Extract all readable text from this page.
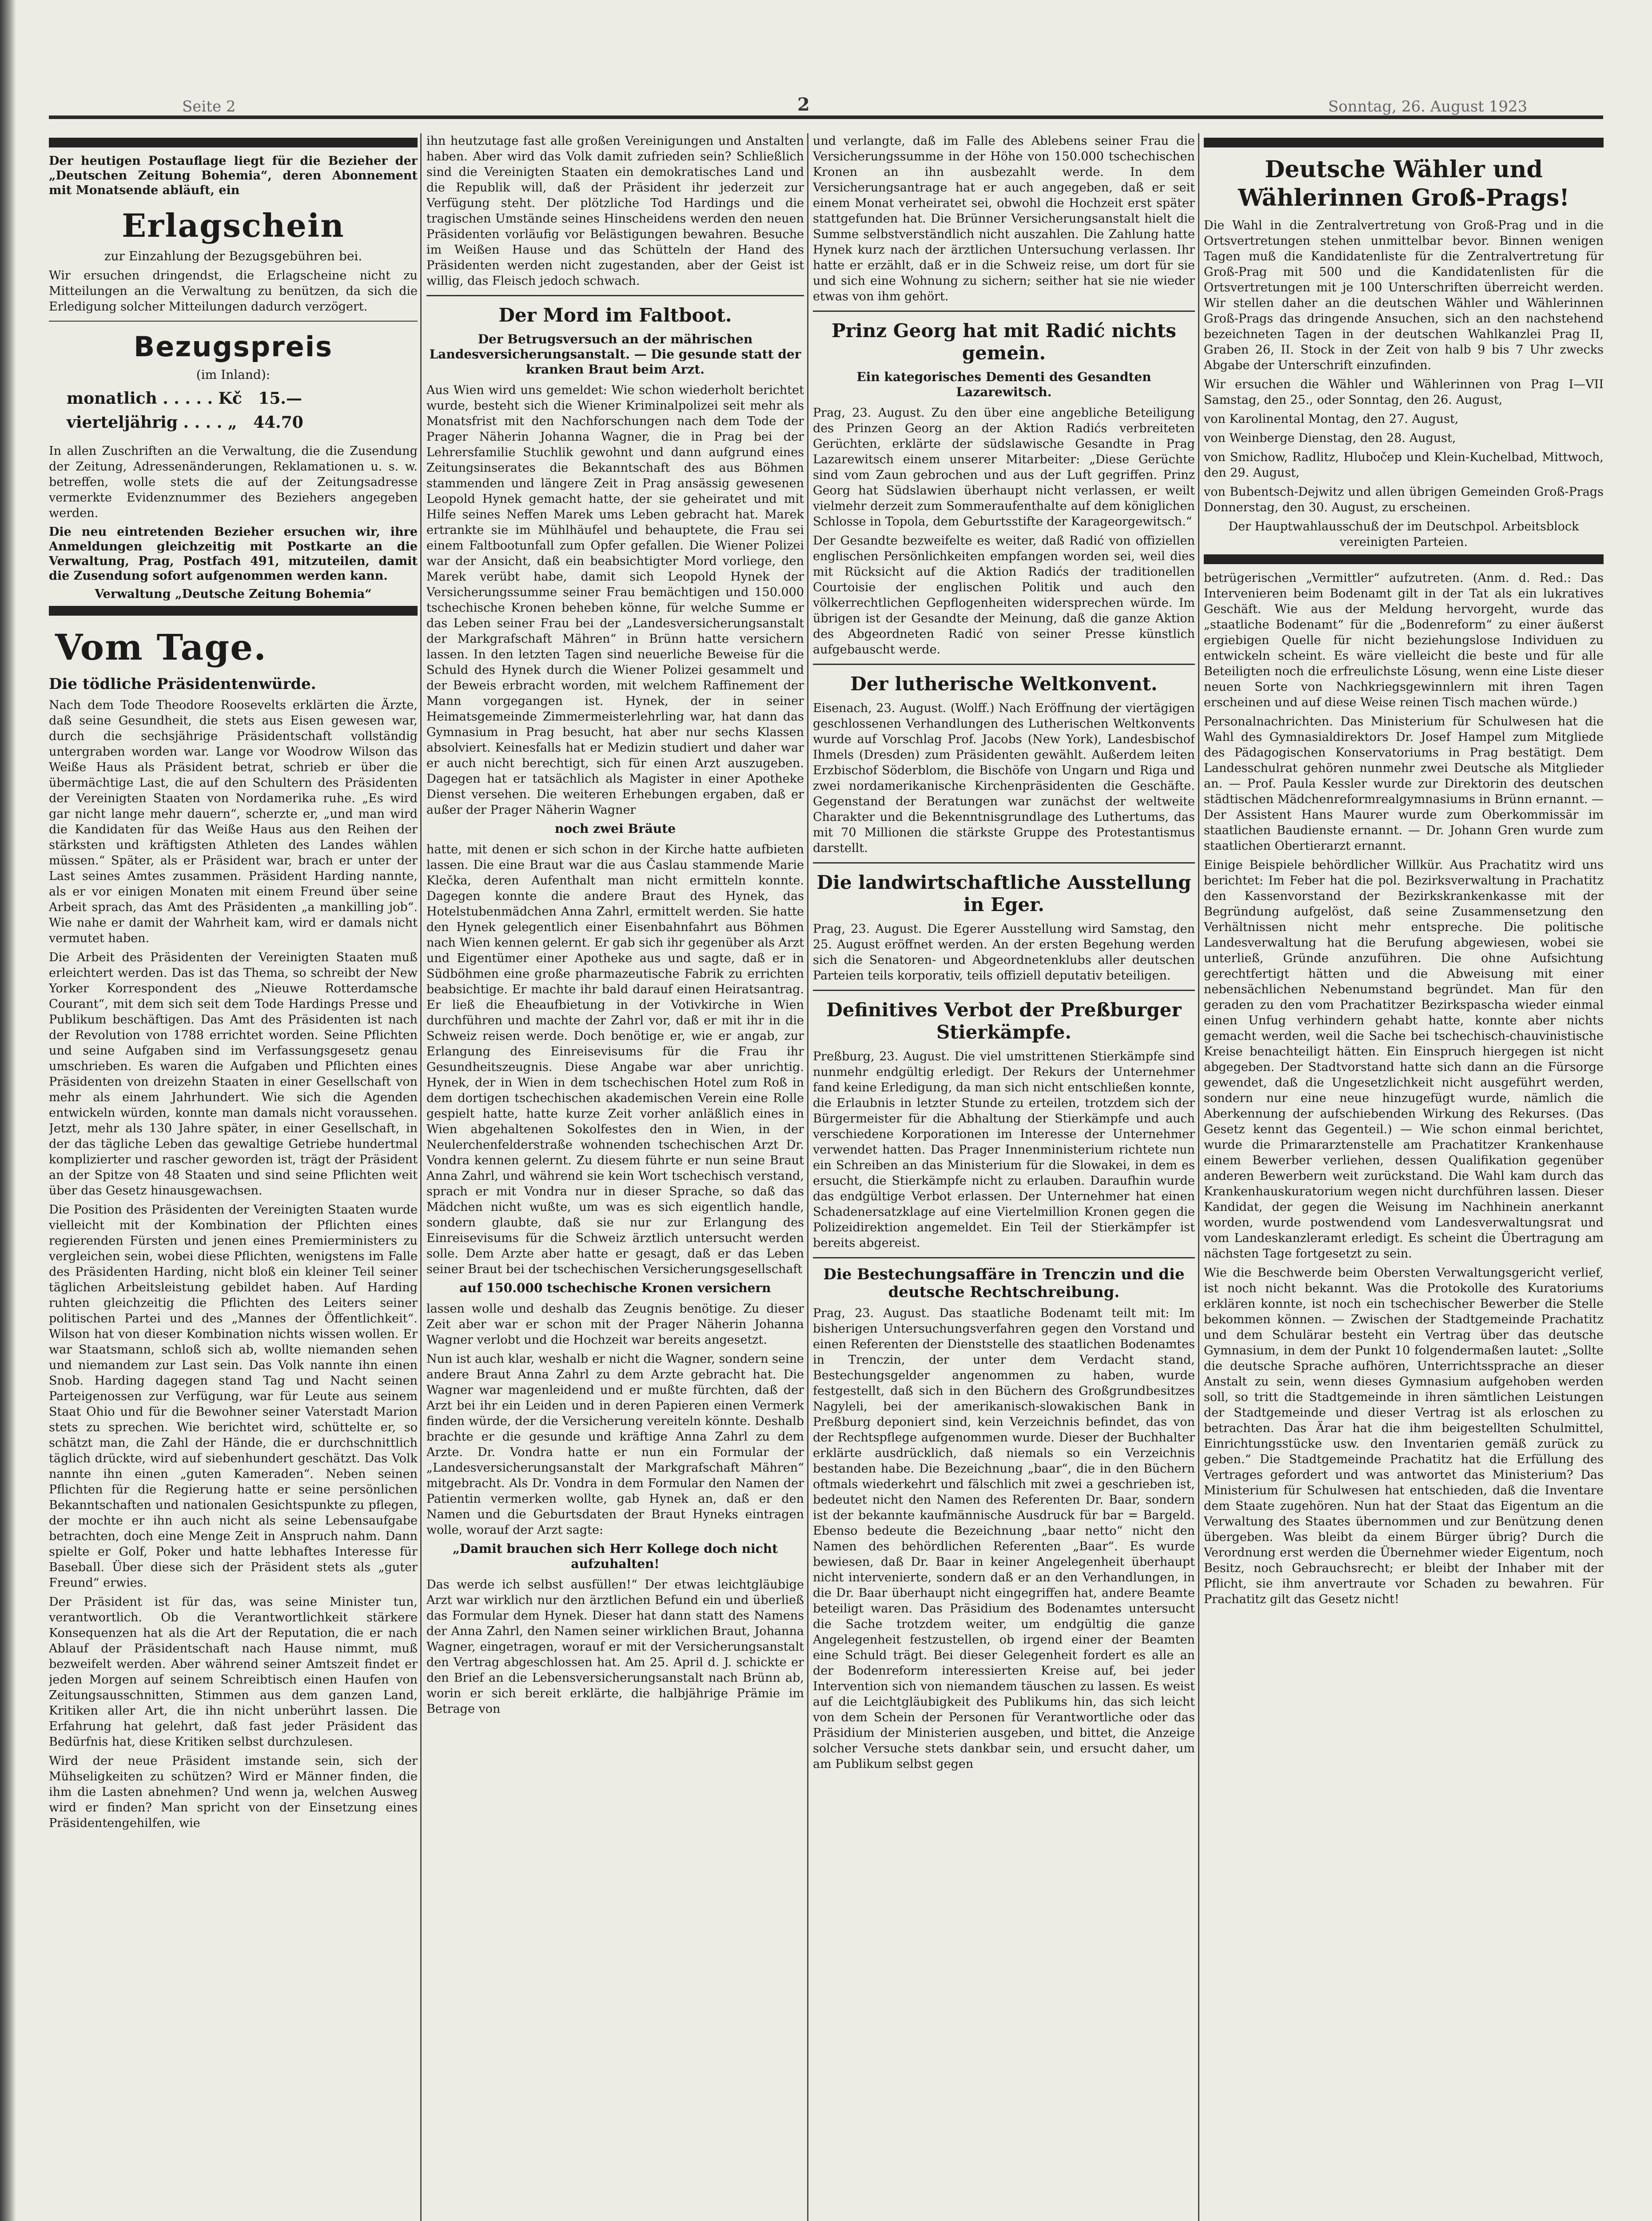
Seite 2	2	Sonntag, 26. August 1923

Der heutigen Postauflage liegt für die Bezieher der „Deutschen Zeitung Bohemia“, deren Abonnement mit Monatsende abläuft, ein

Erlagschein
zur Einzahlung der Bezugsgebühren bei.

Wir ersuchen dringendst, die Erlagscheine nicht zu Mitteilungen an die Verwaltung zu benützen, da sich die Erledigung solcher Mitteilungen dadurch verzögert.

Bezugspreis
(im Inland):
monatlich . . . . . Kč 15.—
vierteljährig . . . . „ 44.70

In allen Zuschriften an die Verwaltung, die die Zusendung der Zeitung, Adressenänderungen, Reklamationen u. s. w. betreffen, wolle stets die auf der Zeitungsadresse vermerkte Evidenznummer des Beziehers angegeben werden.

Die neu eintretenden Bezieher ersuchen wir, ihre Anmeldungen gleichzeitig mit Postkarte an die Verwaltung, Prag, Postfach 491, mitzuteilen, damit die Zusendung sofort aufgenommen werden kann.

Verwaltung „Deutsche Zeitung Bohemia“

Vom Tage.
Die tödliche Präsidentenwürde.

Nach dem Tode Theodore Roosevelts erklärten die Ärzte, daß seine Gesundheit, die stets aus Eisen gewesen war, durch die sechsjährige Präsidentschaft vollständig untergraben worden war. Lange vor Woodrow Wilson das Weiße Haus als Präsident betrat, schrieb er über die übermächtige Last, die auf den Schultern des Präsidenten der Vereinigten Staaten von Nordamerika ruhe. „Es wird gar nicht lange mehr dauern“, scherzte er, „und man wird die Kandidaten für das Weiße Haus aus den Reihen der stärksten und kräftigsten Athleten des Landes wählen müssen.“ Später, als er Präsident war, brach er unter der Last seines Amtes zusammen. Präsident Harding nannte, als er vor einigen Monaten mit einem Freund über seine Arbeit sprach, das Amt des Präsidenten „a mankilling job“. Wie nahe er damit der Wahrheit kam, wird er damals nicht vermutet haben.

Die Arbeit des Präsidenten der Vereinigten Staaten muß erleichtert werden. Das ist das Thema, so schreibt der New Yorker Korrespondent des „Nieuwe Rotterdamsche Courant“, mit dem sich seit dem Tode Hardings Presse und Publikum beschäftigen. Das Amt des Präsidenten ist nach der Revolution von 1788 errichtet worden. Seine Pflichten und seine Aufgaben sind im Verfassungsgesetz genau umschrieben. Es waren die Aufgaben und Pflichten eines Präsidenten von dreizehn Staaten in einer Gesellschaft von mehr als einem Jahrhundert. Wie sich die Agenden entwickeln würden, konnte man damals nicht voraussehen. Jetzt, mehr als 130 Jahre später, in einer Gesellschaft, in der das tägliche Leben das gewaltige Getriebe hundertmal komplizierter und rascher geworden ist, trägt der Präsident an der Spitze von 48 Staaten und sind seine Pflichten weit über das Gesetz hinausgewachsen.

Die Position des Präsidenten der Vereinigten Staaten wurde vielleicht mit der Kombination der Pflichten eines regierenden Fürsten und jenen eines Premierministers zu vergleichen sein, wobei diese Pflichten, wenigstens im Falle des Präsidenten Harding, nicht bloß ein kleiner Teil seiner täglichen Arbeitsleistung gebildet haben. Auf Harding ruhten gleichzeitig die Pflichten des Leiters seiner politischen Partei und des „Mannes der Öffentlichkeit“. Wilson hat von dieser Kombination nichts wissen wollen. Er war Staatsmann, schloß sich ab, wollte niemanden sehen und niemandem zur Last sein. Das Volk nannte ihn einen Snob. Harding dagegen stand Tag und Nacht seinen Parteigenossen zur Verfügung, war für Leute aus seinem Staat Ohio und für die Bewohner seiner Vaterstadt Marion stets zu sprechen. Wie berichtet wird, schüttelte er, so schätzt man, die Zahl der Hände, die er durchschnittlich täglich drückte, wird auf siebenhundert geschätzt. Das Volk nannte ihn einen „guten Kameraden“. Neben seinen Pflichten für die Regierung hatte er seine persönlichen Bekanntschaften und nationalen Gesichtspunkte zu pflegen, der mochte er ihn auch nicht als seine Lebensaufgabe betrachten, doch eine Menge Zeit in Anspruch nahm. Dann spielte er Golf, Poker und hatte lebhaftes Interesse für Baseball. Über diese sich der Präsident stets als „guter Freund“ erwies.

Der Präsident ist für das, was seine Minister tun, verantwortlich. Ob die Verantwortlichkeit stärkere Konsequenzen hat als die Art der Reputation, die er nach Ablauf der Präsidentschaft nach Hause nimmt, muß bezweifelt werden. Aber während seiner Amtszeit findet er jeden Morgen auf seinem Schreibtisch einen Haufen von Zeitungsausschnitten, Stimmen aus dem ganzen Land, Kritiken aller Art, die ihn nicht unberührt lassen. Die Erfahrung hat gelehrt, daß fast jeder Präsident das Bedürfnis hat, diese Kritiken selbst durchzulesen.

Wird der neue Präsident imstande sein, sich der Mühseligkeiten zu schützen? Wird er Männer finden, die ihm die Lasten abnehmen? Und wenn ja, welchen Ausweg wird er finden? Man spricht von der Einsetzung eines Präsidentengehilfen, wie

ihn heutzutage fast alle großen Vereinigungen und Anstalten haben. Aber wird das Volk damit zufrieden sein? Schließlich sind die Vereinigten Staaten ein demokratisches Land und die Republik will, daß der Präsident ihr jederzeit zur Verfügung steht. Der plötzliche Tod Hardings und die tragischen Umstände seines Hinscheidens werden den neuen Präsidenten vorläufig vor Belästigungen bewahren. Besuche im Weißen Hause und das Schütteln der Hand des Präsidenten werden nicht zugestanden, aber der Geist ist willig, das Fleisch jedoch schwach.

Der Mord im Faltboot.
Der Betrugsversuch an der mährischen Landesversicherungsanstalt. — Die gesunde statt der kranken Braut beim Arzt.

Aus Wien wird uns gemeldet: Wie schon wiederholt berichtet wurde, besteht sich die Wiener Kriminalpolizei seit mehr als Monatsfrist mit den Nachforschungen nach dem Tode der Prager Näherin Johanna Wagner, die in Prag bei der Lehrersfamilie Stuchlik gewohnt und dann aufgrund eines Zeitungsinserates die Bekanntschaft des aus Böhmen stammenden und längere Zeit in Prag ansässig gewesenen Leopold Hynek gemacht hatte, der sie geheiratet und mit Hilfe seines Neffen Marek ums Leben gebracht hat. Marek ertrankte sie im Mühlhäufel und behauptete, die Frau sei einem Faltbootunfall zum Opfer gefallen. Die Wiener Polizei war der Ansicht, daß ein beabsichtigter Mord vorliege, den Marek verübt habe, damit sich Leopold Hynek der Versicherungssumme seiner Frau bemächtigen und 150.000 tschechische Kronen beheben könne, für welche Summe er das Leben seiner Frau bei der „Landesversicherungsanstalt der Markgrafschaft Mähren“ in Brünn hatte versichern lassen. In den letzten Tagen sind neuerliche Beweise für die Schuld des Hynek durch die Wiener Polizei gesammelt und der Beweis erbracht worden, mit welchem Raffinement der Mann vorgegangen ist. Hynek, der in seiner Heimatsgemeinde Zimmermeisterlehrling war, hat dann das Gymnasium in Prag besucht, hat aber nur sechs Klassen absolviert. Keinesfalls hat er Medizin studiert und daher war er auch nicht berechtigt, sich für einen Arzt auszugeben. Dagegen hat er tatsächlich als Magister in einer Apotheke Dienst versehen. Die weiteren Erhebungen ergaben, daß er außer der Prager Näherin Wagner

noch zwei Bräute

hatte, mit denen er sich schon in der Kirche hatte aufbieten lassen. Die eine Braut war die aus Časlau stammende Marie Klečka, deren Aufenthalt man nicht ermitteln konnte. Dagegen konnte die andere Braut des Hynek, das Hotelstubenmädchen Anna Zahrl, ermittelt werden. Sie hatte den Hynek gelegentlich einer Eisenbahnfahrt aus Böhmen nach Wien kennen gelernt. Er gab sich ihr gegenüber als Arzt und Eigentümer einer Apotheke aus und sagte, daß er in Südböhmen eine große pharmazeutische Fabrik zu errichten beabsichtige. Er machte ihr bald darauf einen Heiratsantrag. Er ließ die Eheaufbietung in der Votivkirche in Wien durchführen und machte der Zahrl vor, daß er mit ihr in die Schweiz reisen werde. Doch benötige er, wie er angab, zur Erlangung des Einreisevisums für die Frau ihr Gesundheitszeugnis. Diese Angabe war aber unrichtig. Hynek, der in Wien in dem tschechischen Hotel zum Roß in dem dortigen tschechischen akademischen Verein eine Rolle gespielt hatte, hatte kurze Zeit vorher anläßlich eines in Wien abgehaltenen Sokolfestes den in Wien, in der Neulerchenfelderstraße wohnenden tschechischen Arzt Dr. Vondra kennen gelernt. Zu diesem führte er nun seine Braut Anna Zahrl, und während sie kein Wort tschechisch verstand, sprach er mit Vondra nur in dieser Sprache, so daß das Mädchen nicht wußte, um was es sich eigentlich handle, sondern glaubte, daß sie nur zur Erlangung des Einreisevisums für die Schweiz ärztlich untersucht werden solle. Dem Arzte aber hatte er gesagt, daß er das Leben seiner Braut bei der tschechischen Versicherungsgesellschaft

auf 150.000 tschechische Kronen versichern

lassen wolle und deshalb das Zeugnis benötige. Zu dieser Zeit aber war er schon mit der Prager Näherin Johanna Wagner verlobt und die Hochzeit war bereits angesetzt.

Nun ist auch klar, weshalb er nicht die Wagner, sondern seine andere Braut Anna Zahrl zu dem Arzte gebracht hat. Die Wagner war magenleidend und er mußte fürchten, daß der Arzt bei ihr ein Leiden und in deren Papieren einen Vermerk finden würde, der die Versicherung vereiteln könnte. Deshalb brachte er die gesunde und kräftige Anna Zahrl zu dem Arzte. Dr. Vondra hatte er nun ein Formular der „Landesversicherungsanstalt der Markgrafschaft Mähren“ mitgebracht. Als Dr. Vondra in dem Formular den Namen der Patientin vermerken wollte, gab Hynek an, daß er den Namen und die Geburtsdaten der Braut Hyneks eintragen wolle, worauf der Arzt sagte:

„Damit brauchen sich Herr Kollege doch nicht aufzuhalten!

Das werde ich selbst ausfüllen!“ Der etwas leichtgläubige Arzt war wirklich nur den ärztlichen Befund ein und überließ das Formular dem Hynek. Dieser hat dann statt des Namens der Anna Zahrl, den Namen seiner wirklichen Braut, Johanna Wagner, eingetragen, worauf er mit der Versicherungsanstalt den Vertrag abgeschlossen hat. Am 25. April d. J. schickte er den Brief an die Lebensversicherungsanstalt nach Brünn ab, worin er sich bereit erklärte, die halbjährige Prämie im Betrage von

und verlangte, daß im Falle des Ablebens seiner Frau die Versicherungssumme in der Höhe von 150.000 tschechischen Kronen an ihn ausbezahlt werde. In dem Versicherungsantrage hat er auch angegeben, daß er seit einem Monat verheiratet sei, obwohl die Hochzeit erst später stattgefunden hat. Die Brünner Versicherungsanstalt hielt die Summe selbstverständlich nicht auszahlen. Die Zahlung hatte Hynek kurz nach der ärztlichen Untersuchung verlassen. Ihr hatte er erzählt, daß er in die Schweiz reise, um dort für sie und sich eine Wohnung zu sichern; seither hat sie nie wieder etwas von ihm gehört.

Prinz Georg hat mit Radić nichts gemein.
Ein kategorisches Dementi des Gesandten Lazarewitsch.

Prag, 23. August. Zu den über eine angebliche Beteiligung des Prinzen Georg an der Aktion Radićs verbreiteten Gerüchten, erklärte der südslawische Gesandte in Prag Lazarewitsch einem unserer Mitarbeiter: „Diese Gerüchte sind vom Zaun gebrochen und aus der Luft gegriffen. Prinz Georg hat Südslawien überhaupt nicht verlassen, er weilt vielmehr derzeit zum Sommeraufenthalte auf dem königlichen Schlosse in Topola, dem Geburtsstifte der Karageorgewitsch.“

Der Gesandte bezweifelte es weiter, daß Radić von offiziellen englischen Persönlichkeiten empfangen worden sei, weil dies mit Rücksicht auf die Aktion Radićs der traditionellen Courtoisie der englischen Politik und auch den völkerrechtlichen Gepflogenheiten widersprechen würde. Im übrigen ist der Gesandte der Meinung, daß die ganze Aktion des Abgeordneten Radić von seiner Presse künstlich aufgebauscht werde.

Der lutherische Weltkonvent.

Eisenach, 23. August. (Wolff.) Nach Eröffnung der viertägigen geschlossenen Verhandlungen des Lutherischen Weltkonvents wurde auf Vorschlag Prof. Jacobs (New York), Landesbischof Ihmels (Dresden) zum Präsidenten gewählt. Außerdem leiten Erzbischof Söderblom, die Bischöfe von Ungarn und Riga und zwei nordamerikanische Kirchenpräsidenten die Geschäfte. Gegenstand der Beratungen war zunächst der weltweite Charakter und die Bekenntnisgrundlage des Luthertums, das mit 70 Millionen die stärkste Gruppe des Protestantismus darstellt.

Die landwirtschaftliche Ausstellung in Eger.

Prag, 23. August. Die Egerer Ausstellung wird Samstag, den 25. August eröffnet werden. An der ersten Begehung werden sich die Senatoren- und Abgeordnetenklubs aller deutschen Parteien teils korporativ, teils offiziell deputativ beteiligen.

Definitives Verbot der Preßburger Stierkämpfe.

Preßburg, 23. August. Die viel umstrittenen Stierkämpfe sind nunmehr endgültig erledigt. Der Rekurs der Unternehmer fand keine Erledigung, da man sich nicht entschließen konnte, die Erlaubnis in letzter Stunde zu erteilen, trotzdem sich der Bürgermeister für die Abhaltung der Stierkämpfe und auch verschiedene Korporationen im Interesse der Unternehmer verwendet hatten. Das Prager Innenministerium richtete nun ein Schreiben an das Ministerium für die Slowakei, in dem es ersucht, die Stierkämpfe nicht zu erlauben. Daraufhin wurde das endgültige Verbot erlassen. Der Unternehmer hat einen Schadenersatzklage auf eine Viertelmillion Kronen gegen die Polizeidirektion angemeldet. Ein Teil der Stierkämpfer ist bereits abgereist.

Die Bestechungsaffäre in Trenczin und die deutsche Rechtschreibung.

Prag, 23. August. Das staatliche Bodenamt teilt mit: Im bisherigen Untersuchungsverfahren gegen den Vorstand und einen Referenten der Dienststelle des staatlichen Bodenamtes in Trenczin, der unter dem Verdacht stand, Bestechungsgelder angenommen zu haben, wurde festgestellt, daß sich in den Büchern des Großgrundbesitzes Nagyleli, bei der amerikanisch-slowakischen Bank in Preßburg deponiert sind, kein Verzeichnis befindet, das von der Rechtspflege aufgenommen wurde. Dieser der Buchhalter erklärte ausdrücklich, daß niemals so ein Verzeichnis bestanden habe. Die Bezeichnung „baar“, die in den Büchern oftmals wiederkehrt und fälschlich mit zwei a geschrieben ist, bedeutet nicht den Namen des Referenten Dr. Baar, sondern ist der bekannte kaufmännische Ausdruck für bar = Bargeld. Ebenso bedeute die Bezeichnung „baar netto“ nicht den Namen des behördlichen Referenten „Baar“. Es wurde bewiesen, daß Dr. Baar in keiner Angelegenheit überhaupt nicht intervenierte, sondern daß er an den Verhandlungen, in die Dr. Baar überhaupt nicht eingegriffen hat, andere Beamte beteiligt waren. Das Präsidium des Bodenamtes untersucht die Sache trotzdem weiter, um endgültig die ganze Angelegenheit festzustellen, ob irgend einer der Beamten eine Schuld trägt. Bei dieser Gelegenheit fordert es alle an der Bodenreform interessierten Kreise auf, bei jeder Intervention sich von niemandem täuschen zu lassen. Es weist auf die Leichtgläubigkeit des Publikums hin, das sich leicht von dem Schein der Personen für Verantwortliche oder das Präsidium der Ministerien ausgeben, und bittet, die Anzeige solcher Versuche stets dankbar sein, und ersucht daher, um am Publikum selbst gegen

Deutsche Wähler und Wählerinnen Groß-Prags!

Die Wahl in die Zentralvertretung von Groß-Prag und in die Ortsvertretungen stehen unmittelbar bevor. Binnen wenigen Tagen muß die Kandidatenliste für die Zentralvertretung für Groß-Prag mit 500 und die Kandidatenlisten für die Ortsvertretungen mit je 100 Unterschriften überreicht werden. Wir stellen daher an die deutschen Wähler und Wählerinnen Groß-Prags das dringende Ansuchen, sich an den nachstehend bezeichneten Tagen in der deutschen Wahlkanzlei Prag II, Graben 26, II. Stock in der Zeit von halb 9 bis 7 Uhr zwecks Abgabe der Unterschrift einzufinden.

Wir ersuchen die Wähler und Wählerinnen von Prag I—VII Samstag, den 25., oder Sonntag, den 26. August,

von Karolinental Montag, den 27. August,

von Weinberge Dienstag, den 28. August,

von Smichow, Radlitz, Hlubočep und Klein-Kuchelbad, Mittwoch, den 29. August,

von Bubentsch-Dejwitz und allen übrigen Gemeinden Groß-Prags Donnerstag, den 30. August, zu erscheinen.

Der Hauptwahlausschuß der im Deutschpol. Arbeitsblock vereinigten Parteien.

betrügerischen „Vermittler“ aufzutreten. (Anm. d. Red.: Das Intervenieren beim Bodenamt gilt in der Tat als ein lukratives Geschäft. Wie aus der Meldung hervorgeht, wurde das „staatliche Bodenamt“ für die „Bodenreform“ zu einer äußerst ergiebigen Quelle für nicht beziehungslose Individuen zu entwickeln scheint. Es wäre vielleicht die beste und für alle Beteiligten noch die erfreulichste Lösung, wenn eine Liste dieser neuen Sorte von Nachkriegsgewinnlern mit ihren Tagen erscheinen und auf diese Weise reinen Tisch machen würde.)

Personalnachrichten. Das Ministerium für Schulwesen hat die Wahl des Gymnasialdirektors Dr. Josef Hampel zum Mitgliede des Pädagogischen Konservatoriums in Prag bestätigt. Dem Landesschulrat gehören nunmehr zwei Deutsche als Mitglieder an. — Prof. Paula Kessler wurde zur Direktorin des deutschen städtischen Mädchenreformrealgymnasiums in Brünn ernannt. — Der Assistent Hans Maurer wurde zum Oberkommissär im staatlichen Baudienste ernannt. — Dr. Johann Gren wurde zum staatlichen Obertierarzt ernannt.

Einige Beispiele behördlicher Willkür. Aus Prachatitz wird uns berichtet: Im Feber hat die pol. Bezirksverwaltung in Prachatitz den Kassenvorstand der Bezirkskrankenkasse mit der Begründung aufgelöst, daß seine Zusammensetzung den Verhältnissen nicht mehr entspreche. Die politische Landesverwaltung hat die Berufung abgewiesen, wobei sie unterließ, Gründe anzuführen. Die ohne Aufsichtung gerechtfertigt hätten und die Abweisung mit einer nebensächlichen Nebenumstand begründet. Man für den geraden zu den vom Prachatitzer Bezirkspascha wieder einmal einen Unfug verhindern gehabt hatte, konnte aber nichts gemacht werden, weil die Sache bei tschechisch-chauvinistische Kreise benachteiligt hätten. Ein Einspruch hiergegen ist nicht abgegeben. Der Stadtvorstand hatte sich dann an die Fürsorge gewendet, daß die Ungesetzlichkeit nicht ausgeführt werden, sondern nur eine neue hinzugefügt wurde, nämlich die Aberkennung der aufschiebenden Wirkung des Rekurses. (Das Gesetz kennt das Gegenteil.) — Wie schon einmal berichtet, wurde die Primararztenstelle am Prachatitzer Krankenhause einem Bewerber verliehen, dessen Qualifikation gegenüber anderen Bewerbern weit zurückstand. Die Wahl kam durch das Krankenhauskuratorium wegen nicht durchführen lassen. Dieser Kandidat, der gegen die Weisung im Nachhinein anerkannt worden, wurde postwendend vom Landesverwaltungsrat und vom Landeskanzleramt erledigt. Es scheint die Übertragung am nächsten Tage fortgesetzt zu sein.

Wie die Beschwerde beim Obersten Verwaltungsgericht verlief, ist noch nicht bekannt. Was die Protokolle des Kuratoriums erklären konnte, ist noch ein tschechischer Bewerber die Stelle bekommen können. — Zwischen der Stadtgemeinde Prachatitz und dem Schulärar besteht ein Vertrag über das deutsche Gymnasium, in dem der Punkt 10 folgendermaßen lautet: „Sollte die deutsche Sprache aufhören, Unterrichtssprache an dieser Anstalt zu sein, wenn dieses Gymnasium aufgehoben werden soll, so tritt die Stadtgemeinde in ihren sämtlichen Leistungen der Stadtgemeinde und dieser Vertrag ist als erloschen zu betrachten. Das Ärar hat die ihm beigestellten Schulmittel, Einrichtungsstücke usw. den Inventarien gemäß zurück zu geben.“ Die Stadtgemeinde Prachatitz hat die Erfüllung des Vertrages gefordert und was antwortet das Ministerium? Das Ministerium für Schulwesen hat entschieden, daß die Inventare dem Staate zugehören. Nun hat der Staat das Eigentum an die Verwaltung des Staates übernommen und zur Benützung denen übergeben. Was bleibt da einem Bürger übrig? Durch die Verordnung erst werden die Übernehmer wieder Eigentum, noch Besitz, noch Gebrauchsrecht; er bleibt der Inhaber mit der Pflicht, sie ihm anvertraute vor Schaden zu bewahren. Für Prachatitz gilt das Gesetz nicht!
